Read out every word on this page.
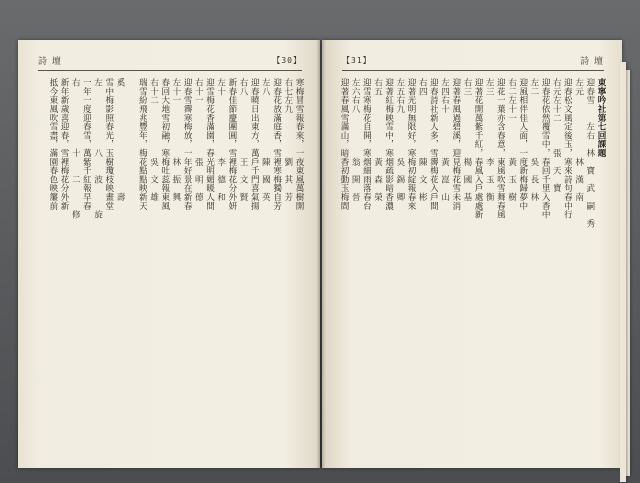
詩 壇	【30】
寒梅冒雪報春來，一夜東風萬樹開
右七左九　　　　　劉　其　芳
迎春花放滿庭香，雪裡寒梅獨自芳
左八　　　　　　　陳　國　英
迎春曉日出東方，萬戶千門喜氣揚
右八　　　　　　　王　文　賢
新春佳節慶團圓，雪裡梅花分外妍
左十　　　　　　　李　德　和
迎雪梅花香滿園，春光明媚暖人間
右十一　　　　　　張　明　德
迎春雪霽寒梅放，一年好景在新春
左十一　　　　　　林　振　興
春回大地雪初融，寒梅吐蕊報東風
右十二　　　　　　吳　文　雄
瑞雪紛飛兆豐年，梅花點點映新天
奚　　　　　　　　　　　　壽
雪中梅影照春光，玉樹瓊枝映畫堂
左　　　　　　　八　　波　　　旋
一年一度迎春雪，萬紫千紅報早春
右　　　　　　　十　　二　　　修
新年新歲喜迎春，雪裡梅花分外新
抵今東風吹雪盡，滿園春色映簾前
【31】	詩 壇
東寧吟社第七回課題
迎春雪　　左右　林　寶　武　嗣　秀
左元　　　　　　　林　漢　南
迎春松文風定後玉，寒來詩句春中行
右元左十二　　　張　天　寶
迎春花依然覆雪中，春回千里入香中
左二　　　　　　　吳　長　林
迎風相伴佳人面，一度新梅歸夢中
右二左十一　　　　黃　玉　樹
迎花一葉亦含春意，東風吹雪舞春風
左三　　　　　　　李　玉　衡
迎著花開萬紫千紅，春風入戶處處新
右三　　　　　　　楊　國　基
迎著春風過碧溪，迎見梅花雪未消
左四右十　　　　　黃　崑　山
迎春詩社新人多，雪霽梅花入戶間
右四　　　　　　　陳　文　彬
迎著光明無限好，寒梅初綻報春來
左五右九　　　　　吳　錫　卿
迎著紅梅映雪中，寒烟疏影暗香濃
右五　　　　　　　黃　森　榮
迎雪寒梅花自開，寒烟細雨落春台
左六右八　　　　　翁　開　晉
迎著春風雪滿山，暗香初動玉梅間
